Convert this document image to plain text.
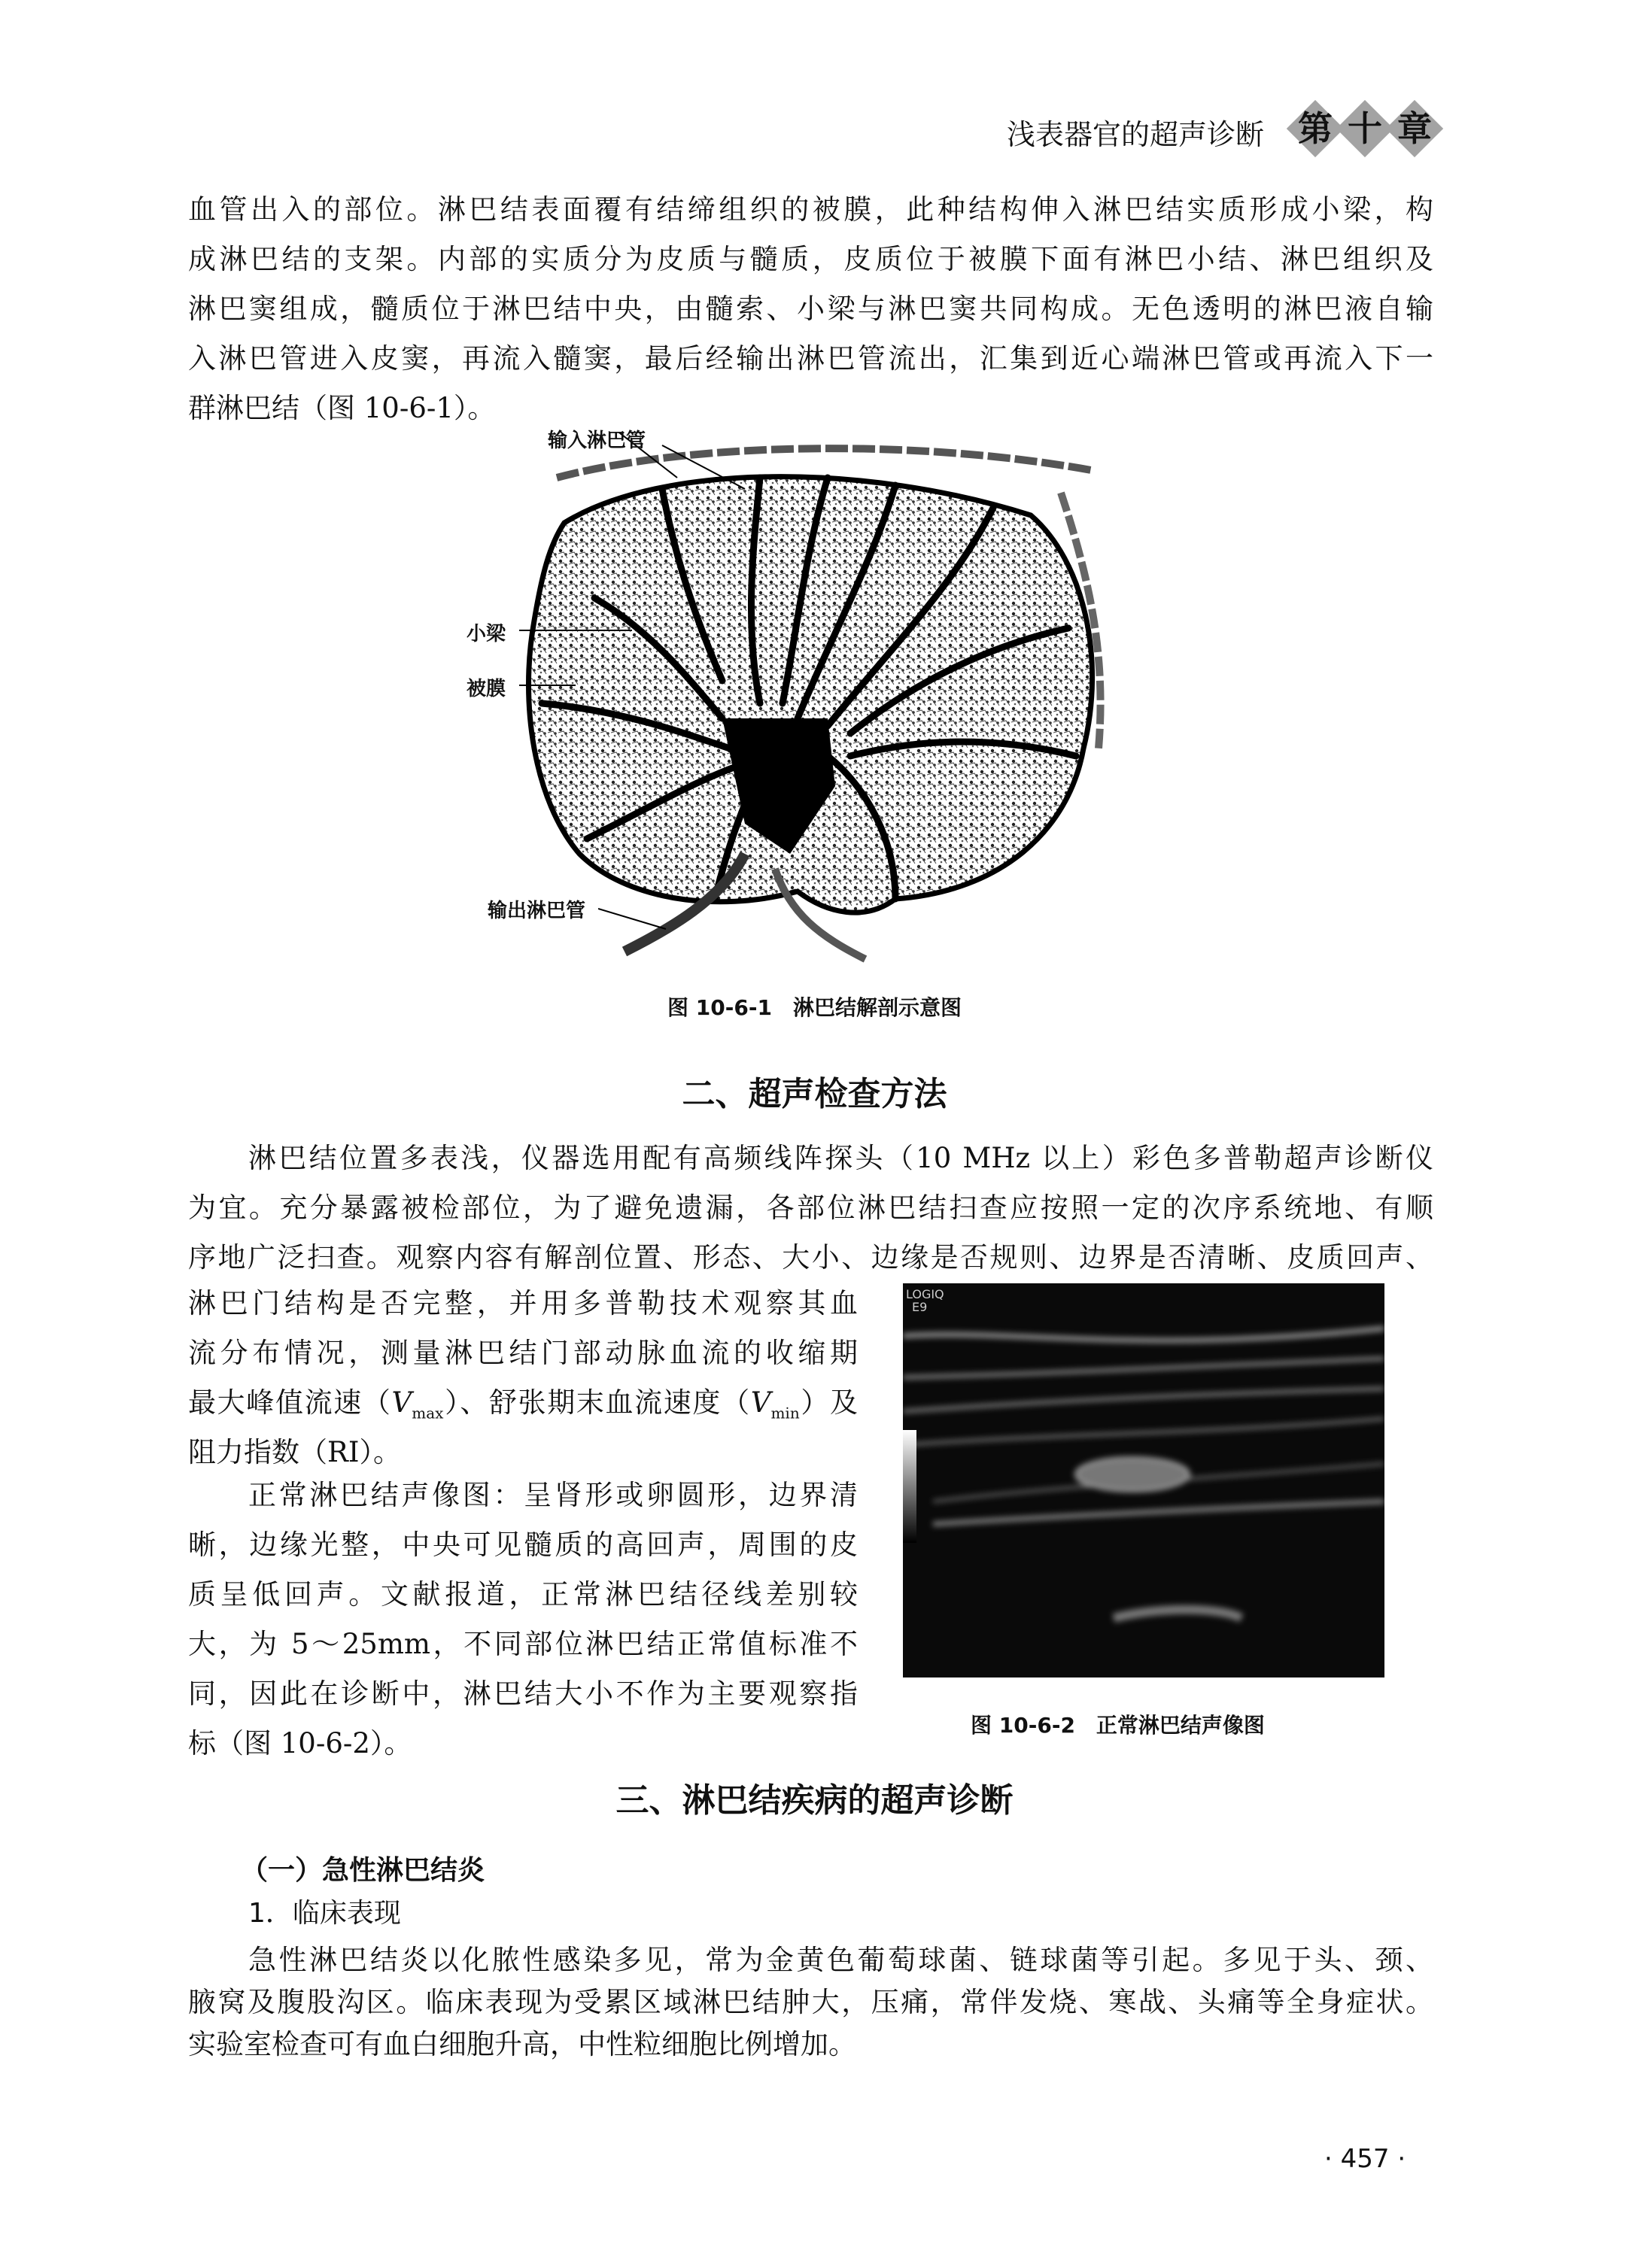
浅表器官的超声诊断 第 十 章
血管出入的部位。淋巴结表面覆有结缔组织的被膜，此种结构伸入淋巴结实质形成小梁，构
成淋巴结的支架。内部的实质分为皮质与髓质，皮质位于被膜下面有淋巴小结、淋巴组织及
淋巴窦组成，髓质位于淋巴结中央，由髓索、小梁与淋巴窦共同构成。无色透明的淋巴液自输
入淋巴管进入皮窦，再流入髓窦，最后经输出淋巴管流出，汇集到近心端淋巴管或再流入下一
群淋巴结（图 10-6-1）。
输入淋巴管
小梁
被膜
输出淋巴管
图 10-6-1　淋巴结解剖示意图
二、超声检查方法
淋巴结位置多表浅，仪器选用配有高频线阵探头（10 MHz 以上）彩色多普勒超声诊断仪
为宜。充分暴露被检部位，为了避免遗漏，各部位淋巴结扫查应按照一定的次序系统地、有顺
序地广泛扫查。观察内容有解剖位置、形态、大小、边缘是否规则、边界是否清晰、皮质回声、
淋巴门结构是否完整，并用多普勒技术观察其血
流分布情况，测量淋巴结门部动脉血流的收缩期
最大峰值流速$(V_{max})$、舒张期末血流速度$(V_{min})$及
阻力指数（RI）。
正常淋巴结声像图：呈肾形或卵圆形，边界清
晰，边缘光整，中央可见髓质的高回声，周围的皮
质呈低回声。文献报道，正常淋巴结径线差别较
大，为 5～25mm，不同部位淋巴结正常值标准不
同，因此在诊断中，淋巴结大小不作为主要观察指
标（图 10-6-2）。
LOGIQ
E9
图 10-6-2　正常淋巴结声像图
三、淋巴结疾病的超声诊断
（一）急性淋巴结炎
1．临床表现
急性淋巴结炎以化脓性感染多见，常为金黄色葡萄球菌、链球菌等引起。多见于头、颈、
腋窝及腹股沟区。临床表现为受累区域淋巴结肿大，压痛，常伴发烧、寒战、头痛等全身症状。
实验室检查可有血白细胞升高，中性粒细胞比例增加。
· 457 ·
